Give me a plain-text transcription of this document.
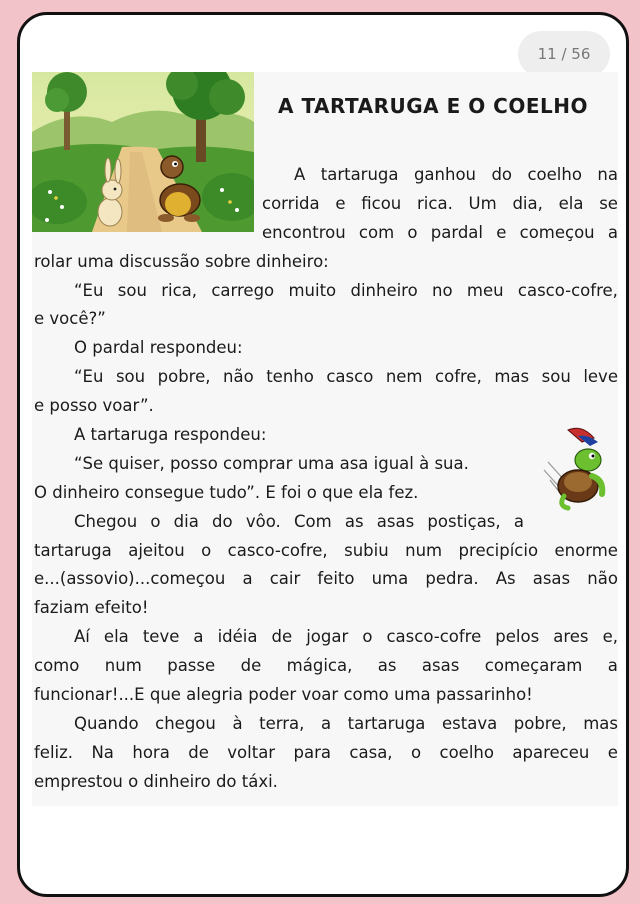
11 / 56
A TARTARUGA E O COELHO
A tartaruga ganhou do coelho na
corrida e ficou rica. Um dia, ela se
encontrou com o pardal e começou a
rolar uma discussão sobre dinheiro:
“Eu sou rica, carrego muito dinheiro no meu casco-cofre,
e você?”
O pardal respondeu:
“Eu sou pobre, não tenho casco nem cofre, mas sou leve
e posso voar”.
A tartaruga respondeu:
“Se quiser, posso comprar uma asa igual à sua.
O dinheiro consegue tudo”. E foi o que ela fez.
Chegou o dia do vôo. Com as asas postiças, a
tartaruga ajeitou o casco-cofre, subiu num precipício enorme
e...(assovio)...começou a cair feito uma pedra. As asas não
faziam efeito!
Aí ela teve a idéia de jogar o casco-cofre pelos ares e,
como num passe de mágica, as asas começaram a
funcionar!...E que alegria poder voar como uma passarinho!
Quando chegou à terra, a tartaruga estava pobre, mas
feliz. Na hora de voltar para casa, o coelho apareceu e
emprestou o dinheiro do táxi.
